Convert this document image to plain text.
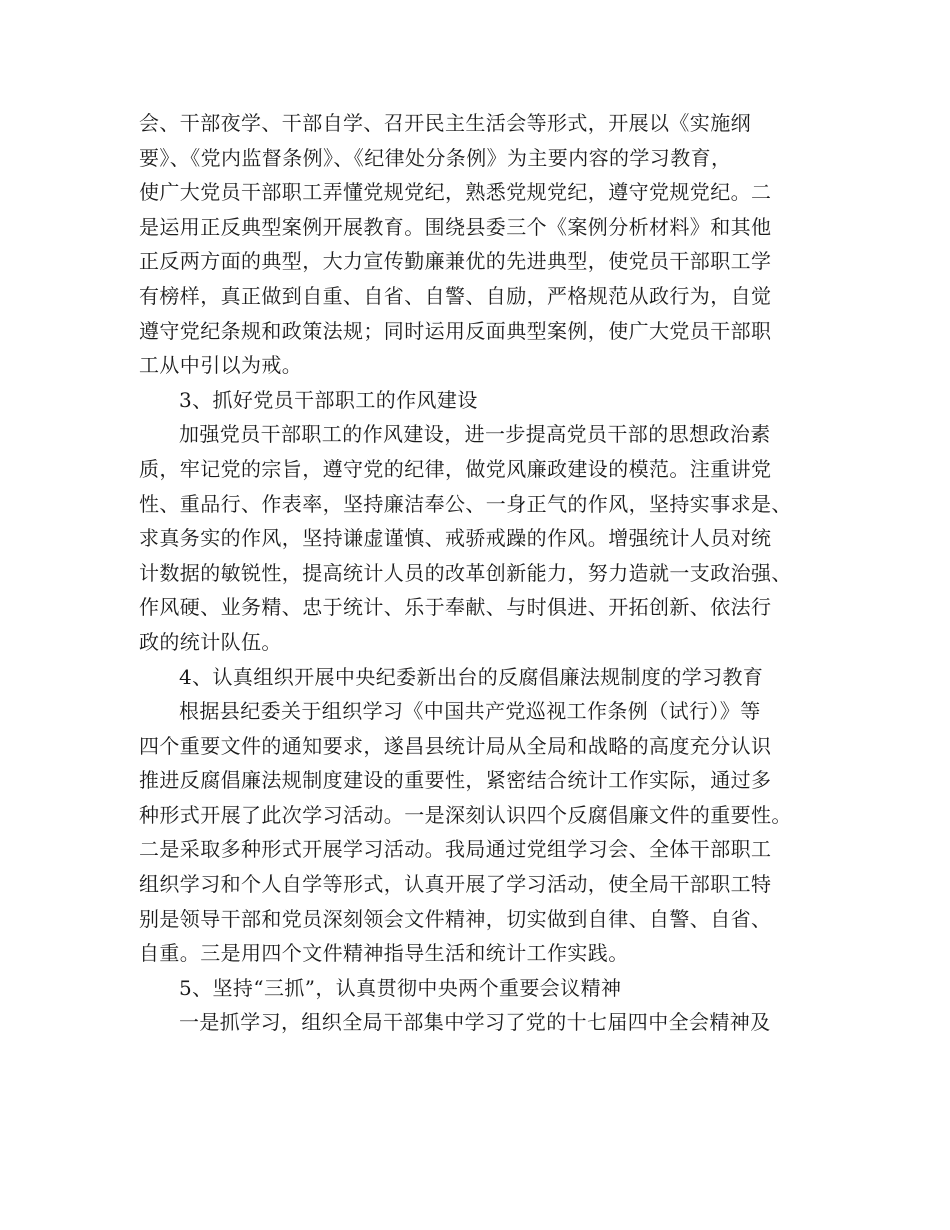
会、干部夜学、干部自学、召开民主生活会等形式，开展以《实施纲
要》、《党内监督条例》、《纪律处分条例》为主要内容的学习教育，
使广大党员干部职工弄懂党规党纪，熟悉党规党纪，遵守党规党纪。二
是运用正反典型案例开展教育。围绕县委三个《案例分析材料》和其他
正反两方面的典型，大力宣传勤廉兼优的先进典型，使党员干部职工学
有榜样，真正做到自重、自省、自警、自励，严格规范从政行为，自觉
遵守党纪条规和政策法规；同时运用反面典型案例，使广大党员干部职
工从中引以为戒。
3、抓好党员干部职工的作风建设
加强党员干部职工的作风建设，进一步提高党员干部的思想政治素
质，牢记党的宗旨，遵守党的纪律，做党风廉政建设的模范。注重讲党
性、重品行、作表率，坚持廉洁奉公、一身正气的作风，坚持实事求是、
求真务实的作风，坚持谦虚谨慎、戒骄戒躁的作风。增强统计人员对统
计数据的敏锐性，提高统计人员的改革创新能力，努力造就一支政治强、
作风硬、业务精、忠于统计、乐于奉献、与时俱进、开拓创新、依法行
政的统计队伍。
4、认真组织开展中央纪委新出台的反腐倡廉法规制度的学习教育
根据县纪委关于组织学习《中国共产党巡视工作条例（试行）》等
四个重要文件的通知要求，遂昌县统计局从全局和战略的高度充分认识
推进反腐倡廉法规制度建设的重要性，紧密结合统计工作实际，通过多
种形式开展了此次学习活动。一是深刻认识四个反腐倡廉文件的重要性。
二是采取多种形式开展学习活动。我局通过党组学习会、全体干部职工
组织学习和个人自学等形式，认真开展了学习活动，使全局干部职工特
别是领导干部和党员深刻领会文件精神，切实做到自律、自警、自省、
自重。三是用四个文件精神指导生活和统计工作实践。
5、坚持“三抓”，认真贯彻中央两个重要会议精神
一是抓学习，组织全局干部集中学习了党的十七届四中全会精神及
